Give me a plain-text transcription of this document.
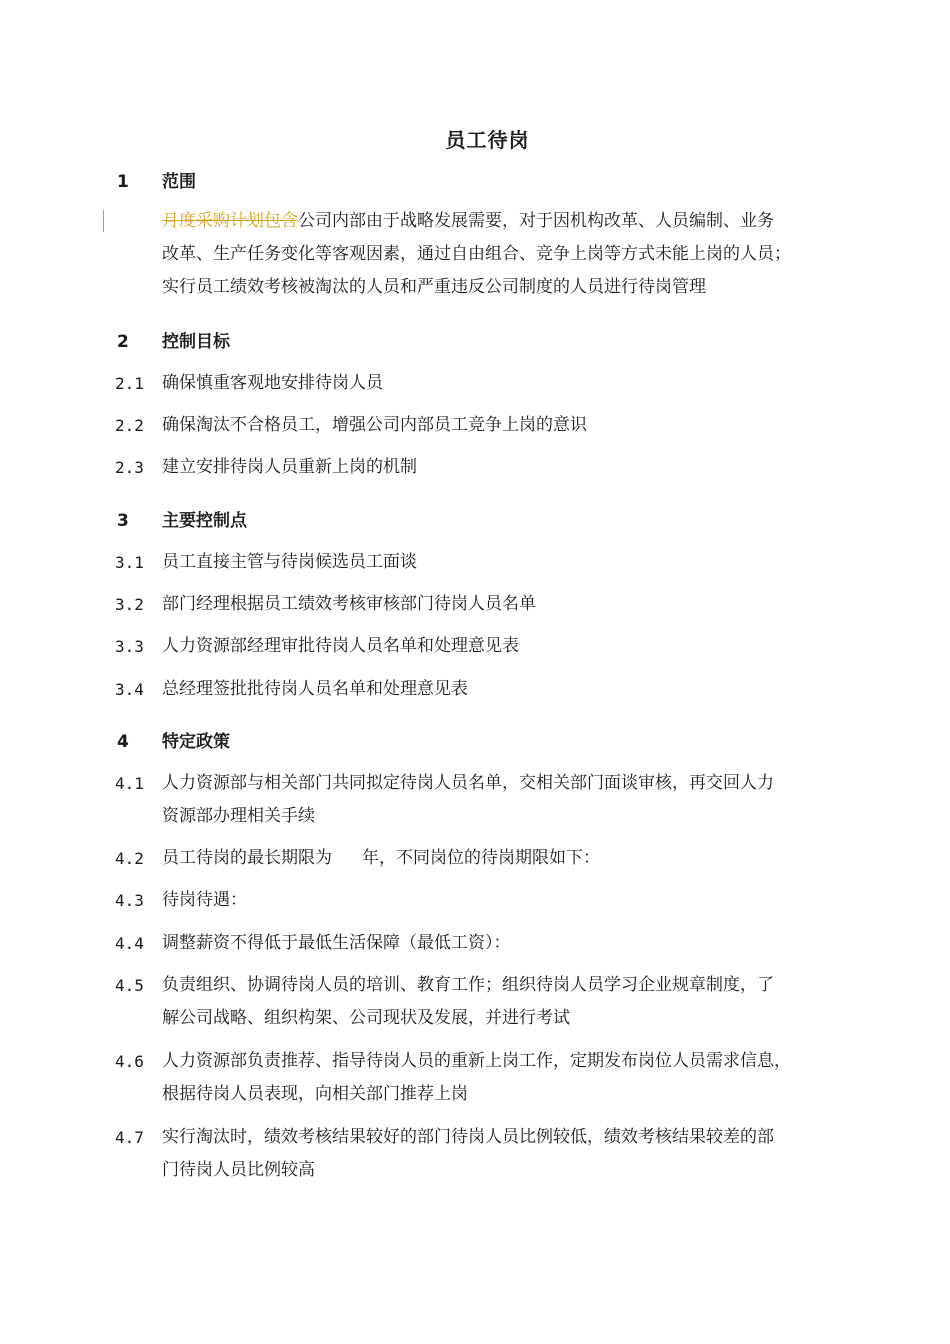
员工待岗
1 范围
月度采购计划包含公司内部由于战略发展需要，对于因机构改革、人员编制、业务
改革、生产任务变化等客观因素，通过自由组合、竞争上岗等方式未能上岗的人员；
实行员工绩效考核被淘汰的人员和严重违反公司制度的人员进行待岗管理
2 控制目标
2.1	确保慎重客观地安排待岗人员
2.2	确保淘汰不合格员工，增强公司内部员工竞争上岗的意识
2.3	建立安排待岗人员重新上岗的机制
3 主要控制点
3.1	员工直接主管与待岗候选员工面谈
3.2	部门经理根据员工绩效考核审核部门待岗人员名单
3.3	人力资源部经理审批待岗人员名单和处理意见表
3.4	总经理签批批待岗人员名单和处理意见表
4 特定政策
4.1	人力资源部与相关部门共同拟定待岗人员名单，交相关部门面谈审核，再交回人力
资源部办理相关手续
4.2	员工待岗的最长期限为 年，不同岗位的待岗期限如下：
4.3	待岗待遇：
4.4	调整薪资不得低于最低生活保障（最低工资）：
4.5	负责组织、协调待岗人员的培训、教育工作；组织待岗人员学习企业规章制度，了
解公司战略、组织构架、公司现状及发展，并进行考试
4.6	人力资源部负责推荐、指导待岗人员的重新上岗工作，定期发布岗位人员需求信息，
根据待岗人员表现，向相关部门推荐上岗
4.7	实行淘汰时，绩效考核结果较好的部门待岗人员比例较低，绩效考核结果较差的部
门待岗人员比例较高
